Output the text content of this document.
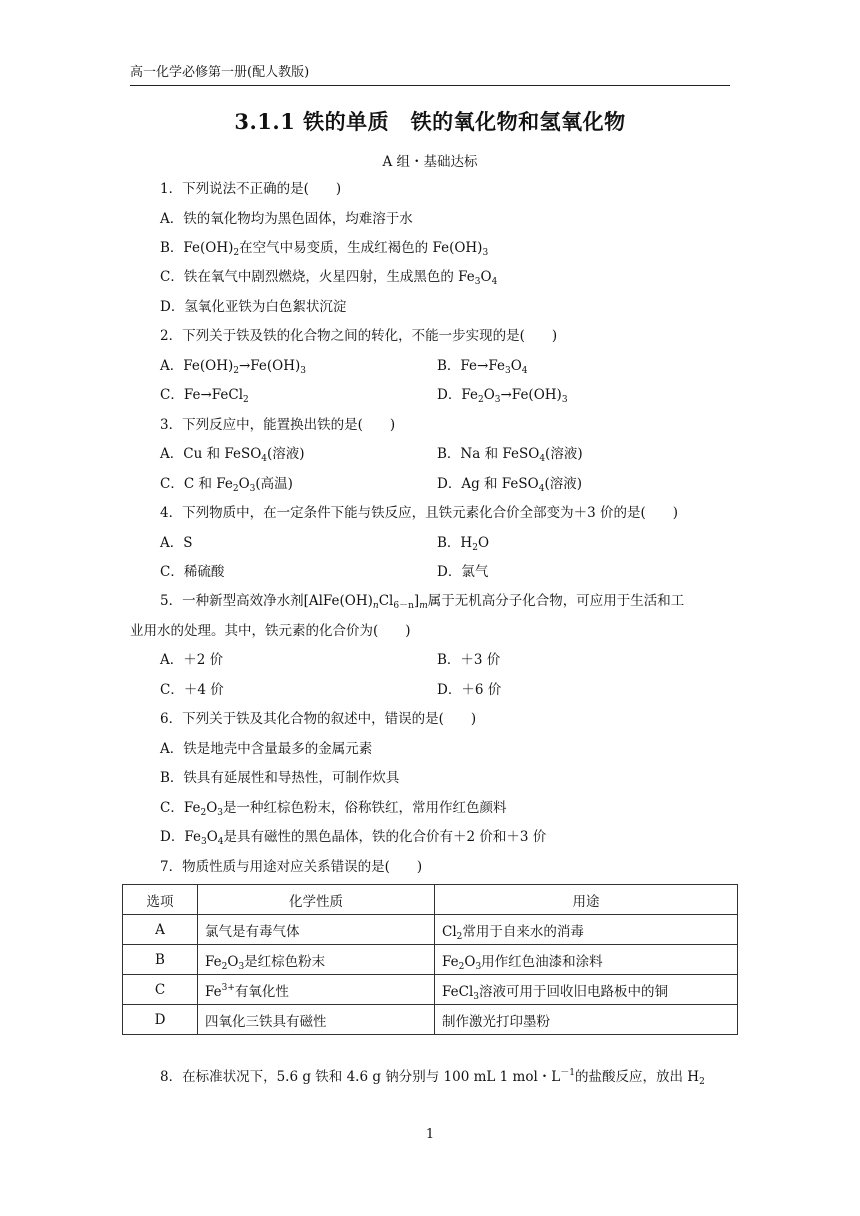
高一化学必修第一册(配人教版)
3.1.1 铁的单质　铁的氧化物和氢氧化物
A 组・基础达标
1．下列说法不正确的是(　　)
A．铁的氧化物均为黑色固体，均难溶于水
B．$Fe(OH)_2$在空气中易变质，生成红褐色的 $Fe(OH)_3$
C．铁在氧气中剧烈燃烧，火星四射，生成黑色的 $Fe_3O_4$
D．氢氧化亚铁为白色絮状沉淀
2．下列关于铁及铁的化合物之间的转化，不能一步实现的是(　　)
A．$Fe(OH)_2\to Fe(OH)_3$	B．$Fe\to Fe_3O_4$
C．Fe→FeCl$_2$	D．$Fe_2O_3\to Fe(OH)_3$
3．下列反应中，能置换出铁的是(　　)
A．Cu 和 FeSO$_4$(溶液)	B．Na 和 FeSO$_4$(溶液)
C．C 和 $Fe_2O_3$(高温)	D．Ag 和 FeSO$_4$(溶液)
4．下列物质中，在一定条件下能与铁反应，且铁元素化合价全部变为＋3 价的是(　　)
A．S	B．$H_2O$
C．稀硫酸	D．氯气
5．一种新型高效净水剂$[AlFe(OH)_nCl_{6-n}]_m$属于无机高分子化合物，可应用于生活和工
业用水的处理。其中，铁元素的化合价为(　　)
A．＋2 价	B．＋3 价
C．＋4 价	D．＋6 价
6．下列关于铁及其化合物的叙述中，错误的是(　　)
A．铁是地壳中含量最多的金属元素
B．铁具有延展性和导热性，可制作炊具
C．$Fe_2O_3$是一种红棕色粉末，俗称铁红，常用作红色颜料
D．$Fe_3O_4$是具有磁性的黑色晶体，铁的化合价有＋2 价和＋3 价
7．物质性质与用途对应关系错误的是(　　)
选项	化学性质	用途
A	氯气是有毒气体	$Cl_2$常用于自来水的消毒
B	$Fe_2O_3$是红棕色粉末	$Fe_2O_3$用作红色油漆和涂料
C	$Fe^{3+}$有氧化性	FeCl$_3$溶液可用于回收旧电路板中的铜
D	四氧化三铁具有磁性	制作激光打印墨粉
8．在标准状况下，5.6 g 铁和 4.6 g 钠分别与 100 mL 1 mol・$L^{-1}$的盐酸反应，放出 $H_2$
1
